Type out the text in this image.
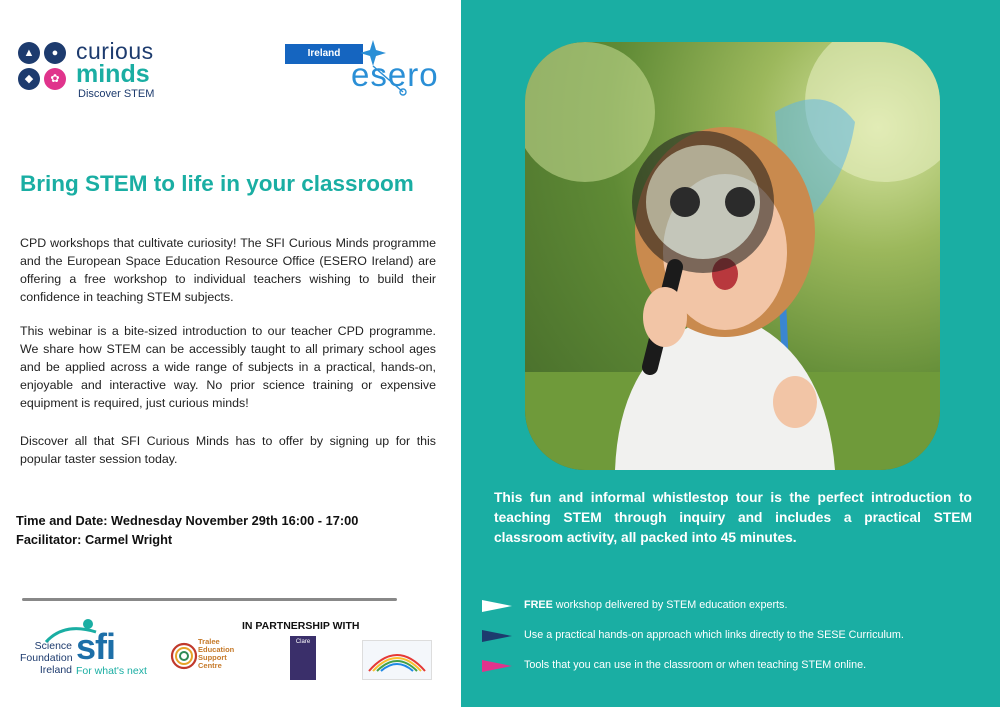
▲	●
◆	✿
curious
minds
Discover STEM
Ireland
esero
Bring STEM to life in your classroom
CPD workshops that cultivate curiosity! The SFI Curious Minds programme and the European Space Education Resource Office (ESERO Ireland) are offering a free workshop to individual teachers wishing to build their confidence in teaching STEM subjects.
This webinar is a bite-sized introduction to our teacher CPD programme. We share how STEM can be accessibly taught to all primary school ages and be applied across a wide range of subjects in a practical, hands-on, enjoyable and interactive way. No prior science training or expensive equipment is required, just curious minds!
Discover all that SFI Curious Minds has to offer by signing up for this popular taster session today.
Time and Date: Wednesday November 29th 16:00 - 17:00
Facilitator: Carmel Wright
IN PARTNERSHIP WITH
Science
Foundation
Ireland
sfi
For what's next
Tralee
Education
Support
Centre
Clare
This fun and informal whistlestop tour is the perfect introduction to teaching STEM through inquiry and includes a practical STEM classroom activity, all packed into 45 minutes.
FREE workshop delivered by STEM education experts.
Use a practical hands-on approach which links directly to the SESE Curriculum.
Tools that you can use in the classroom or when teaching STEM online.
